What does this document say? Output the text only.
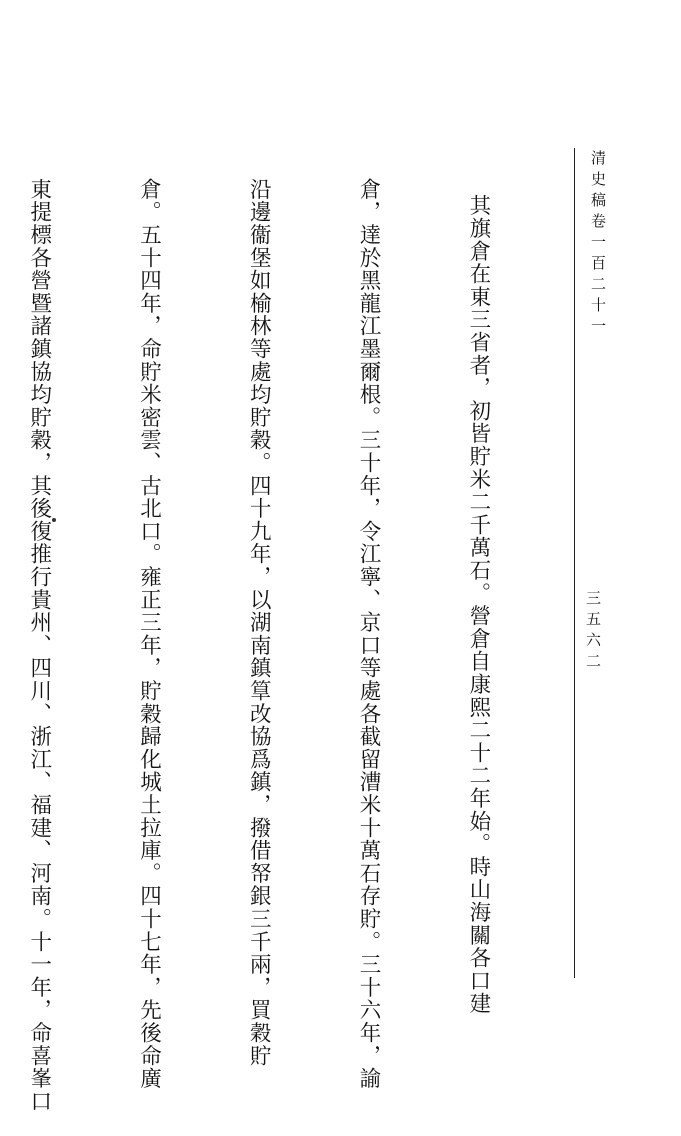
清史稿卷一百二十一
三五六二

其旗倉在東三省者，初皆貯米二千萬石。營倉自康熙二十二年始。時山海關各口建

倉，達於黑龍江墨爾根。三十年，令江寧、京口等處各截留漕米十萬石存貯。三十六年，諭

沿邊衞堡如榆林等處均貯穀。四十九年，以湖南鎮筸改協爲鎮，撥借帑銀三千兩，買穀貯

倉。五十四年，命貯米密雲、古北口。雍正三年，貯穀歸化城土拉庫。四十七年，先後命廣

東提標各營暨諸鎮協均貯穀，其後復推行貴州、四川、浙江、福建、河南。十一年，命喜峯口
